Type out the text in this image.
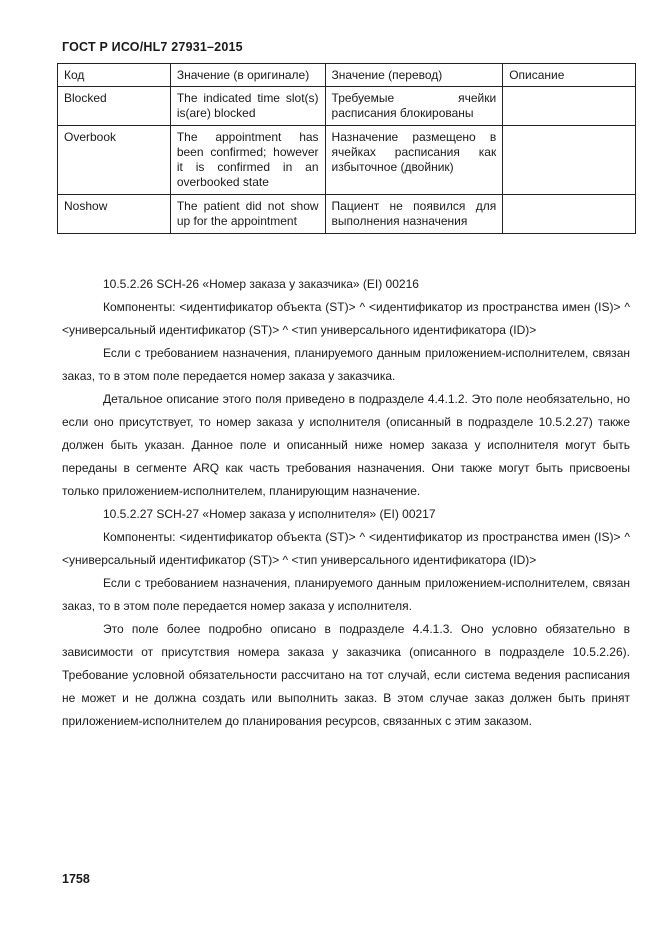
ГОСТ Р ИСО/HL7 27931–2015
Код	Значение (в оригинале)	Значение (перевод)	Описание
Blocked	The indicated time slot(s) is(are) blocked	Требуемые ячейки расписания блокированы	
Overbook	The appointment has been confirmed; however it is confirmed in an overbooked state	Назначение размещено в ячейках расписания как избыточное (двойник)	
Noshow	The patient did not show up for the appointment	Пациент не появился для выполнения назначения	

10.5.2.26 SCH-26 «Номер заказа у заказчика» (EI) 00216

Компоненты: <идентификатор объекта (ST)> ^ <идентификатор из пространства имен (IS)> ^ <универсальный идентификатор (ST)> ^ <тип универсального идентификатора (ID)>

Если с требованием назначения, планируемого данным приложением-исполнителем, связан заказ, то в этом поле передается номер заказа у заказчика.

Детальное описание этого поля приведено в подразделе 4.4.1.2. Это поле необязательно, но если оно присутствует, то номер заказа у исполнителя (описанный в подразделе 10.5.2.27) также должен быть указан. Данное поле и описанный ниже номер заказа у исполнителя могут быть переданы в сегменте ARQ как часть требования назначения. Они также могут быть присвоены только приложением-исполнителем, планирующим назначение.

10.5.2.27 SCH-27 «Номер заказа у исполнителя» (EI) 00217

Компоненты: <идентификатор объекта (ST)> ^ <идентификатор из пространства имен (IS)> ^ <универсальный идентификатор (ST)> ^ <тип универсального идентификатора (ID)>

Если с требованием назначения, планируемого данным приложением-исполнителем, связан заказ, то в этом поле передается номер заказа у исполнителя.

Это поле более подробно описано в подразделе 4.4.1.3. Оно условно обязательно в зависимости от присутствия номера заказа у заказчика (описанного в подразделе 10.5.2.26). Требование условной обязательности рассчитано на тот случай, если система ведения расписания не может и не должна создать или выполнить заказ. В этом случае заказ должен быть принят приложением-исполнителем до планирования ресурсов, связанных с этим заказом.

1758
